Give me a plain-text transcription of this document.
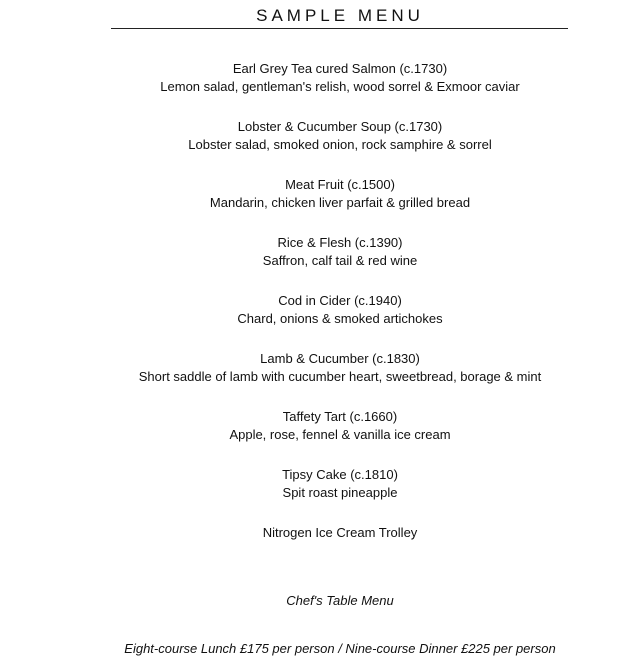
SAMPLE MENU
Earl Grey Tea cured Salmon (c.1730)
Lemon salad, gentleman's relish, wood sorrel & Exmoor caviar
Lobster & Cucumber Soup (c.1730)
Lobster salad, smoked onion, rock samphire & sorrel
Meat Fruit (c.1500)
Mandarin, chicken liver parfait & grilled bread
Rice & Flesh (c.1390)
Saffron, calf tail & red wine
Cod in Cider (c.1940)
Chard, onions & smoked artichokes
Lamb & Cucumber (c.1830)
Short saddle of lamb with cucumber heart, sweetbread, borage & mint
Taffety Tart (c.1660)
Apple, rose, fennel & vanilla ice cream
Tipsy Cake (c.1810)
Spit roast pineapple
Nitrogen Ice Cream Trolley
Chef's Table Menu
Eight-course Lunch £175 per person / Nine-course Dinner £225 per person
